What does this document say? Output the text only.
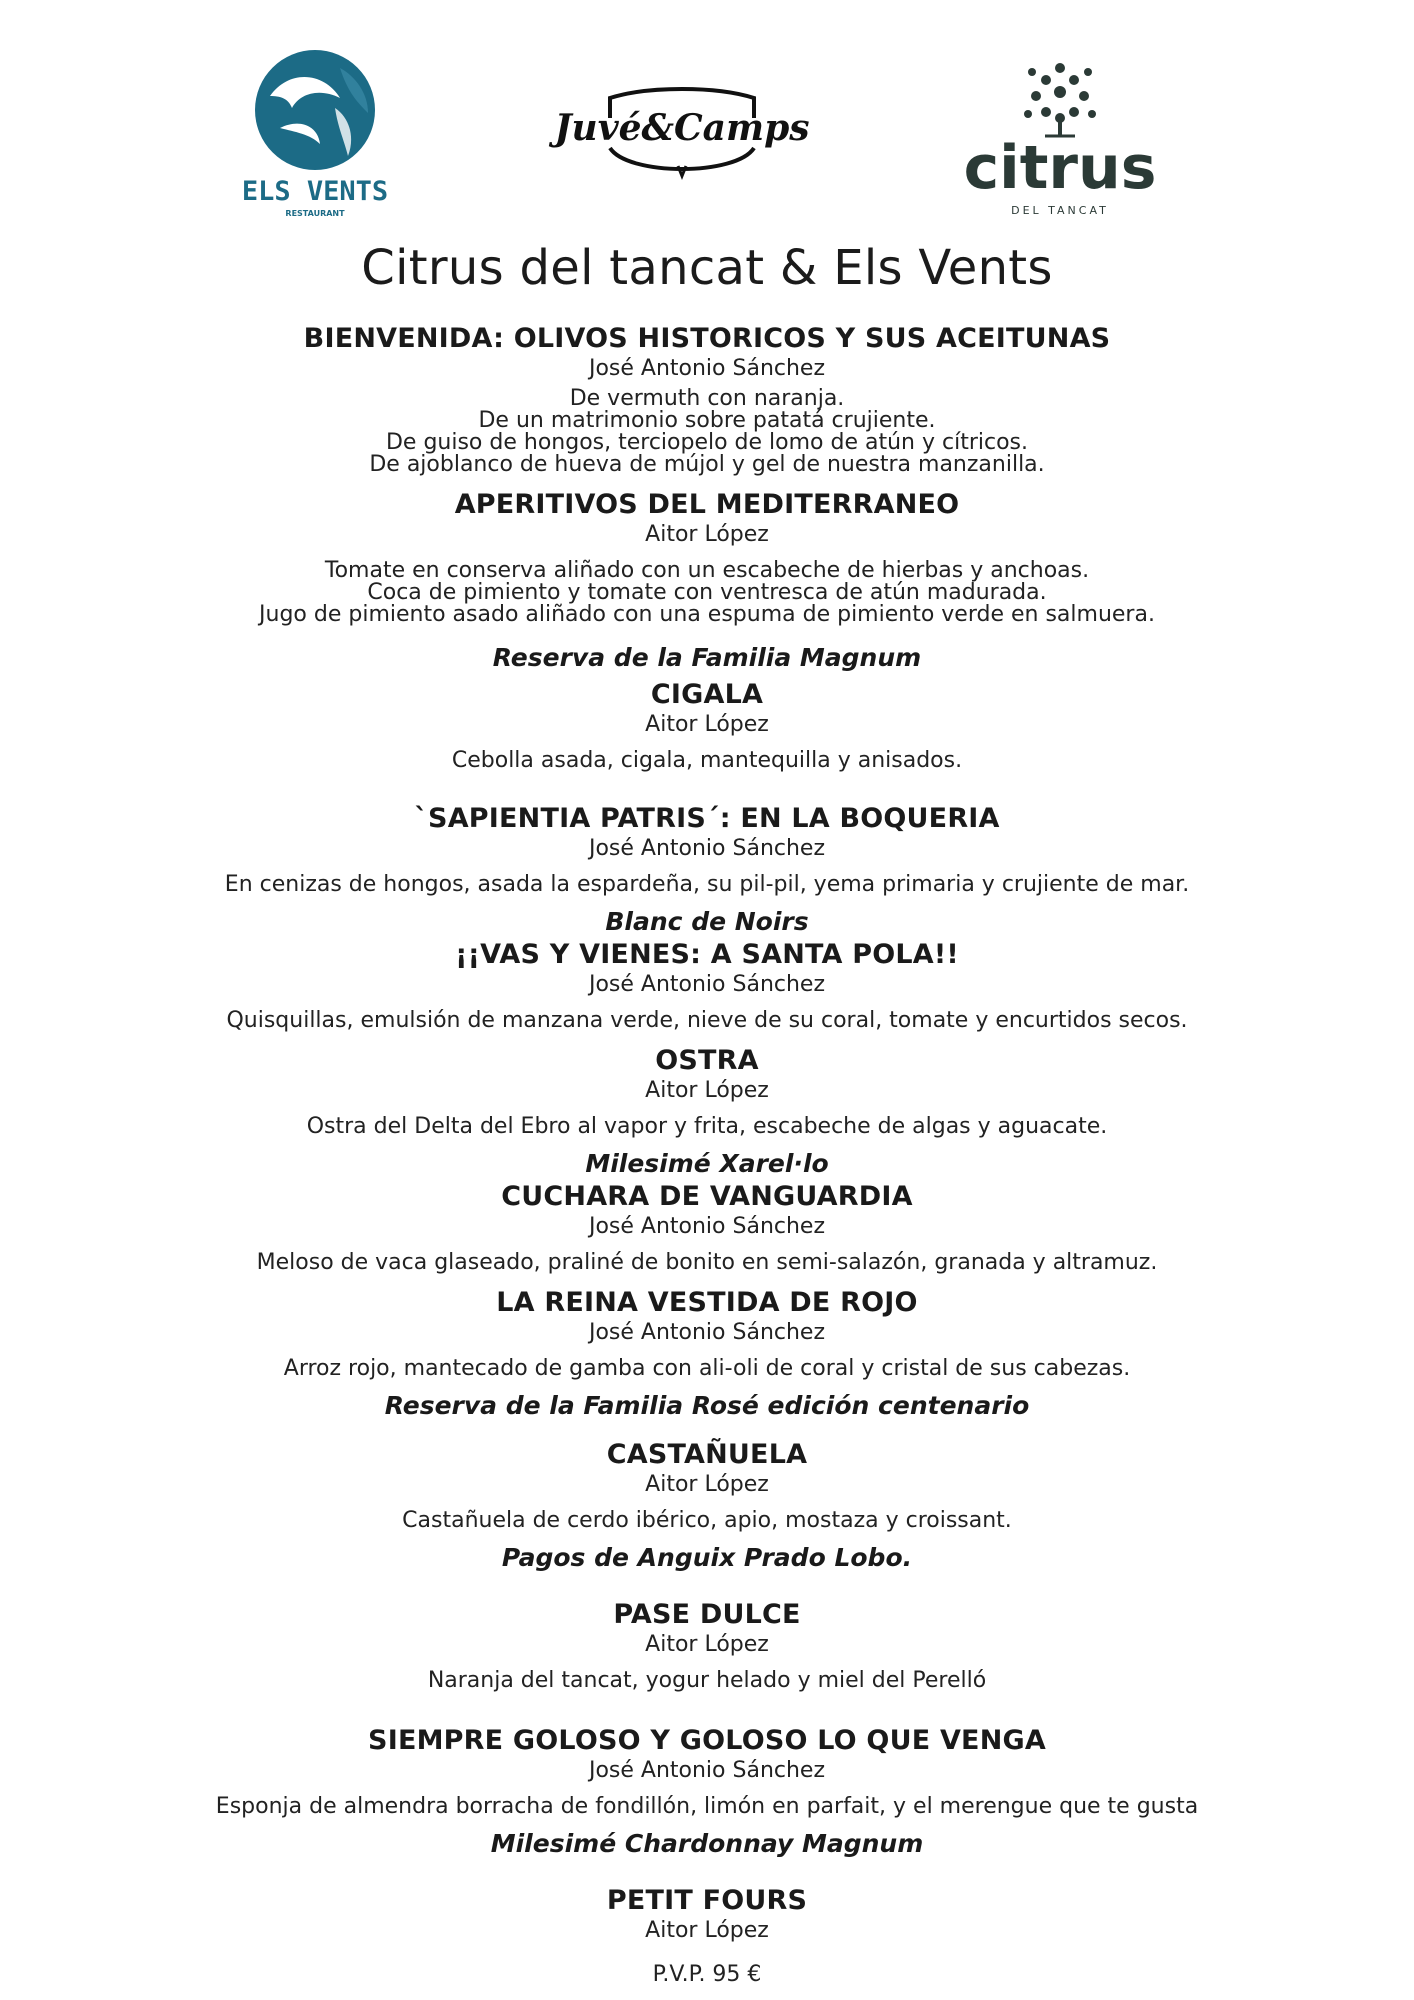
ELS VENTS
RESTAURANT
Juvé&Camps
citrus
DEL TANCAT
Citrus del tancat & Els Vents
BIENVENIDA: OLIVOS HISTORICOS Y SUS ACEITUNAS
José Antonio Sánchez
De vermuth con naranja.
De un matrimonio sobre patatá crujiente.
De guiso de hongos, terciopelo de lomo de atún y cítricos.
De ajoblanco de hueva de mújol y gel de nuestra manzanilla.
APERITIVOS DEL MEDITERRANEO
Aitor López
Tomate en conserva aliñado con un escabeche de hierbas y anchoas.
Coca de pimiento y tomate con ventresca de atún madurada.
Jugo de pimiento asado aliñado con una espuma de pimiento verde en salmuera.
Reserva de la Familia Magnum
CIGALA
Aitor López
Cebolla asada, cigala, mantequilla y anisados.
`SAPIENTIA PATRIS´: EN LA BOQUERIA
José Antonio Sánchez
En cenizas de hongos, asada la espardeña, su pil-pil, yema primaria y crujiente de mar.
Blanc de Noirs
¡¡VAS Y VIENES: A SANTA POLA!!
José Antonio Sánchez
Quisquillas, emulsión de manzana verde, nieve de su coral, tomate y encurtidos secos.
OSTRA
Aitor López
Ostra del Delta del Ebro al vapor y frita, escabeche de algas y aguacate.
Milesimé Xarel·lo
CUCHARA DE VANGUARDIA
José Antonio Sánchez
Meloso de vaca glaseado, praliné de bonito en semi-salazón, granada y altramuz.
LA REINA VESTIDA DE ROJO
José Antonio Sánchez
Arroz rojo, mantecado de gamba con ali-oli de coral y cristal de sus cabezas.
Reserva de la Familia Rosé edición centenario
CASTAÑUELA
Aitor López
Castañuela de cerdo ibérico, apio, mostaza y croissant.
Pagos de Anguix Prado Lobo.
PASE DULCE
Aitor López
Naranja del tancat, yogur helado y miel del Perelló
SIEMPRE GOLOSO Y GOLOSO LO QUE VENGA
José Antonio Sánchez
Esponja de almendra borracha de fondillón, limón en parfait, y el merengue que te gusta
Milesimé Chardonnay Magnum
PETIT FOURS
Aitor López
P.V.P. 95 €
